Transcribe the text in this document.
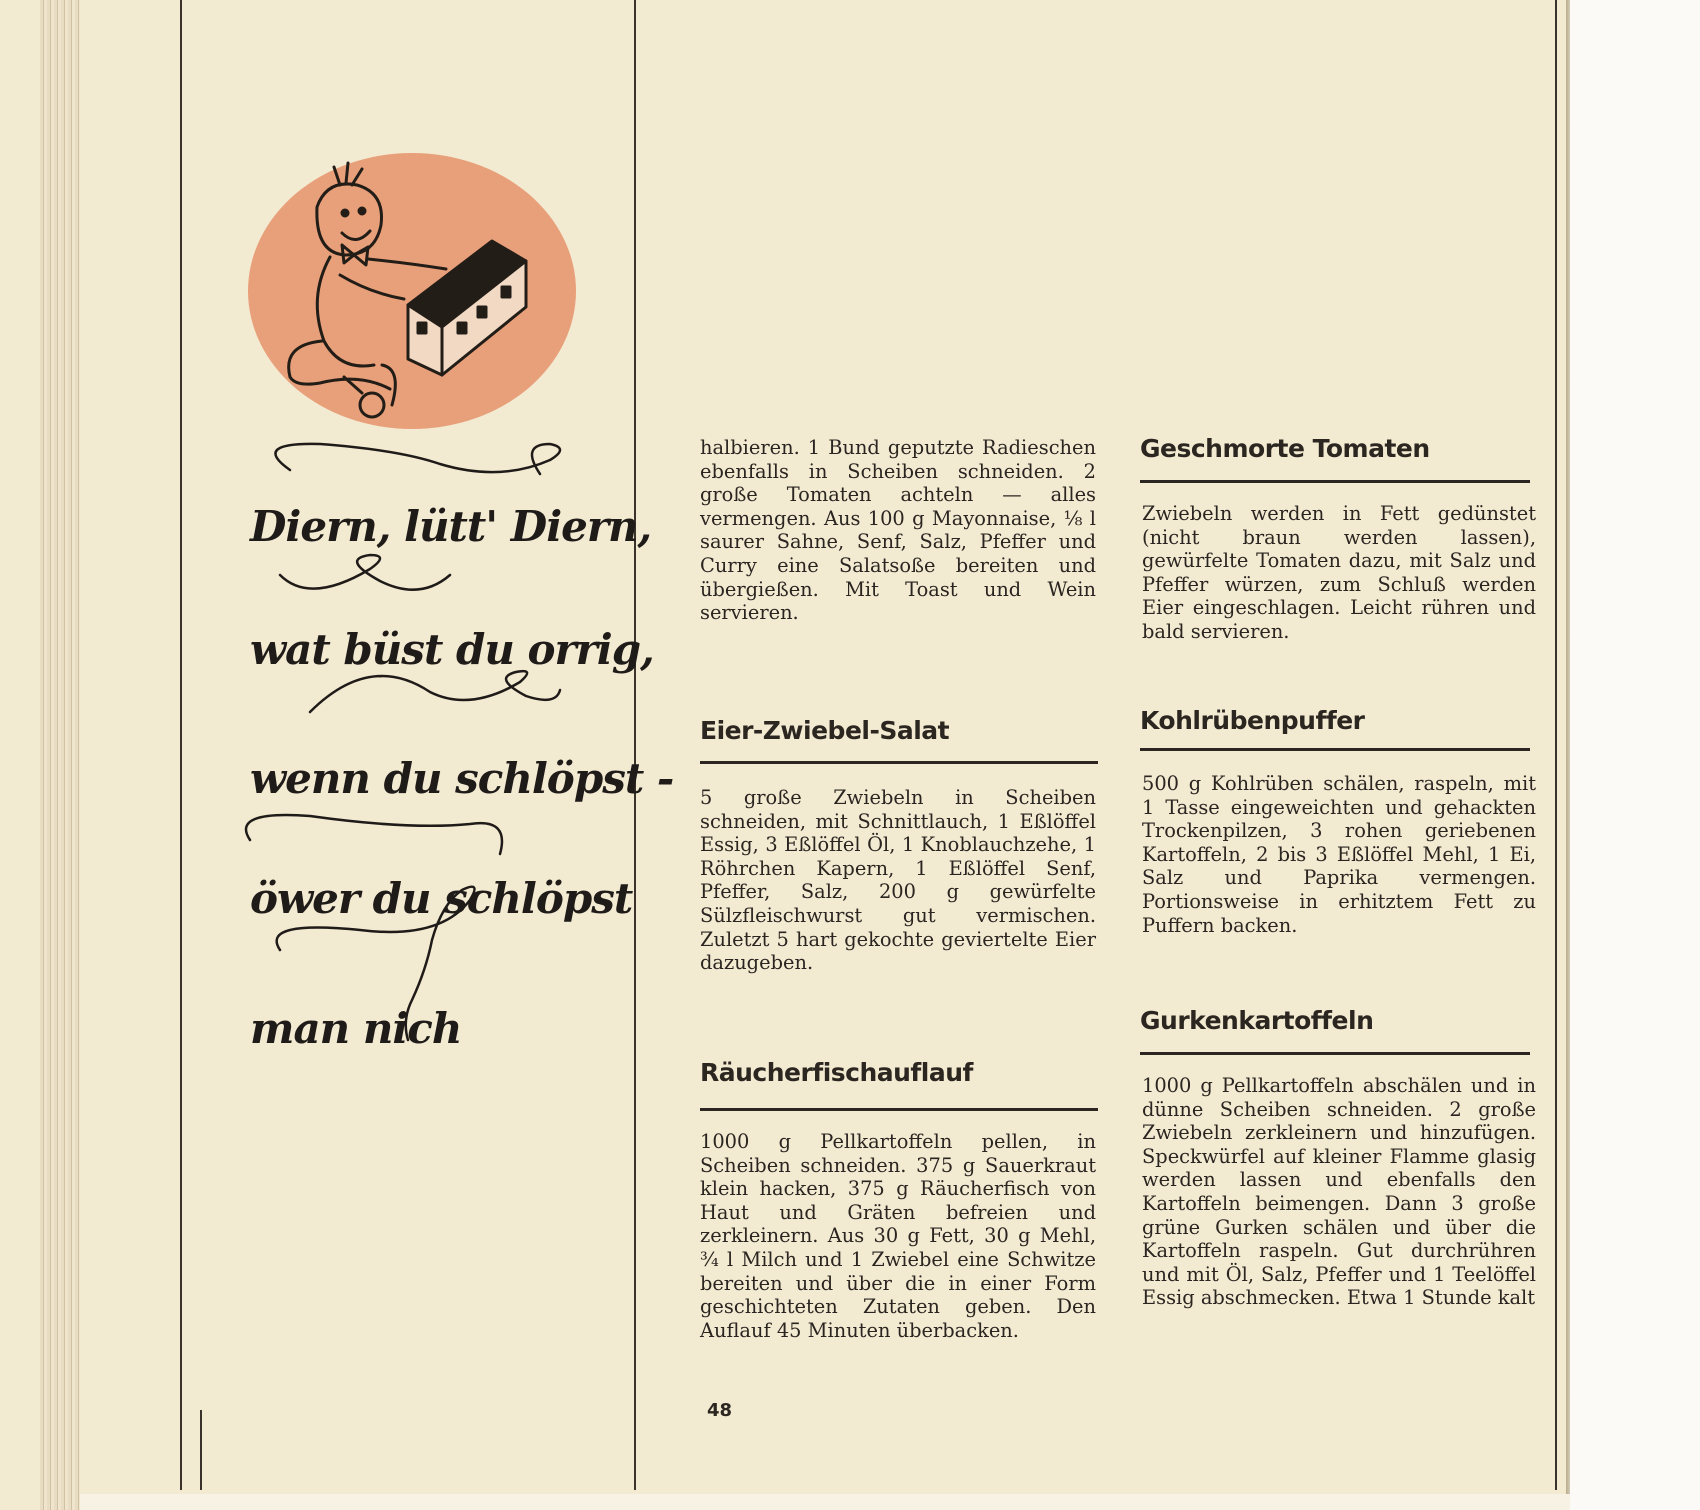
Diern, lütt' Diern,
wat büst du orrig,
wenn du schlöpst -
öwer du schlöpst
man nich

halbieren. 1 Bund geputzte Radieschen ebenfalls in Scheiben schneiden. 2 große Tomaten achteln — alles vermengen. Aus 100 g Mayonnaise, ⅛ l saurer Sahne, Senf, Salz, Pfeffer und Curry eine Salatsoße bereiten und übergießen. Mit Toast und Wein servieren.

Eier-Zwiebel-Salat

5 große Zwiebeln in Scheiben schneiden, mit Schnittlauch, 1 Eßlöffel Essig, 3 Eßlöffel Öl, 1 Knoblauchzehe, 1 Röhrchen Kapern, 1 Eßlöffel Senf, Pfeffer, Salz, 200 g gewürfelte Sülzfleischwurst gut vermischen. Zuletzt 5 hart gekochte geviertelte Eier dazugeben.

Räucherfischauflauf

1000 g Pellkartoffeln pellen, in Scheiben schneiden. 375 g Sauerkraut klein hacken, 375 g Räucherfisch von Haut und Gräten befreien und zerkleinern. Aus 30 g Fett, 30 g Mehl, ¾ l Milch und 1 Zwiebel eine Schwitze bereiten und über die in einer Form geschichteten Zutaten geben. Den Auflauf 45 Minuten überbacken.

Geschmorte Tomaten

Zwiebeln werden in Fett gedünstet (nicht braun werden lassen), gewürfelte Tomaten dazu, mit Salz und Pfeffer würzen, zum Schluß werden Eier eingeschlagen. Leicht rühren und bald servieren.

Kohlrübenpuffer

500 g Kohlrüben schälen, raspeln, mit 1 Tasse eingeweichten und gehackten Trockenpilzen, 3 rohen geriebenen Kartoffeln, 2 bis 3 Eßlöffel Mehl, 1 Ei, Salz und Paprika vermengen. Portionsweise in erhitztem Fett zu Puffern backen.

Gurkenkartoffeln

1000 g Pellkartoffeln abschälen und in dünne Scheiben schneiden. 2 große Zwiebeln zerkleinern und hinzufügen. Speckwürfel auf kleiner Flamme glasig werden lassen und ebenfalls den Kartoffeln beimengen. Dann 3 große grüne Gurken schälen und über die Kartoffeln raspeln. Gut durchrühren und mit Öl, Salz, Pfeffer und 1 Teelöffel Essig abschmecken. Etwa 1 Stunde kalt

48
